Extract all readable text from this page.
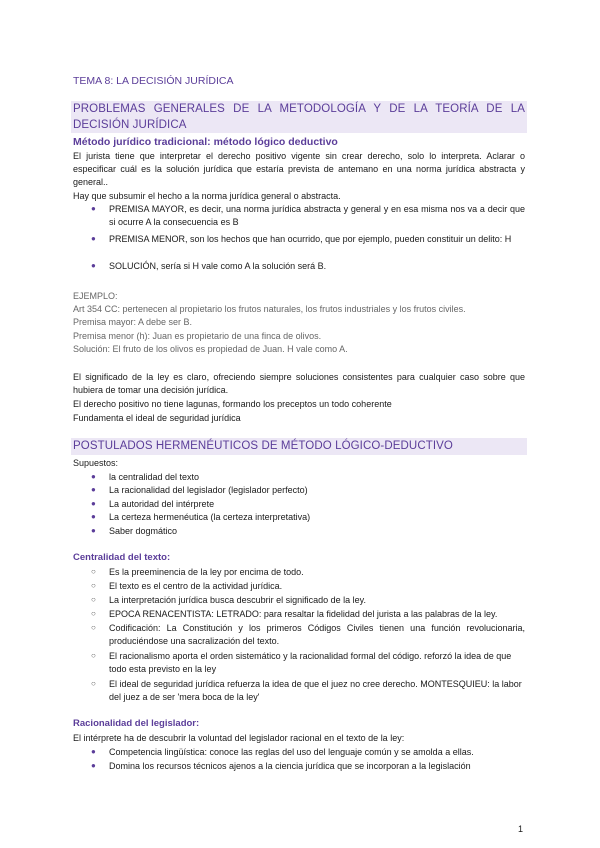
TEMA 8: LA DECISIÓN JURÍDICA
PROBLEMAS GENERALES DE LA METODOLOGÍA Y DE LA TEORÍA DE LA DECISIÓN JURÍDICA
Método jurídico tradicional: método lógico deductivo
El jurista tiene que interpretar el derecho positivo vigente sin crear derecho, solo lo interpreta. Aclarar o especificar cuál es la solución jurídica que estaría prevista de antemano en una norma jurídica abstracta y general..
Hay que subsumir el hecho a la norma jurídica general o abstracta.
● PREMISA MAYOR, es decir, una norma jurídica abstracta y general y en esa misma nos va a decir que si ocurre A la consecuencia es B
● PREMISA MENOR, son los hechos que han ocurrido, que por ejemplo, pueden constituir un delito: H
● SOLUCIÓN, sería si H vale como A la solución será B.
EJEMPLO:
Art 354 CC: pertenecen al propietario los frutos naturales, los frutos industriales y los frutos civiles.
Premisa mayor: A debe ser B.
Premisa menor (h): Juan es propietario de una finca de olivos.
Solución: El fruto de los olivos es propiedad de Juan. H vale como A.
El significado de la ley es claro, ofreciendo siempre soluciones consistentes para cualquier caso sobre que hubiera de tomar una decisión jurídica.
El derecho positivo no tiene lagunas, formando los preceptos un todo coherente
Fundamenta el ideal de seguridad jurídica
POSTULADOS HERMENÉUTICOS DE MÉTODO LÓGICO-DEDUCTIVO
Supuestos:
● la centralidad del texto
● La racionalidad del legislador (legislador perfecto)
● La autoridad del intérprete
● La certeza hermenéutica (la certeza interpretativa)
● Saber dogmático
Centralidad del texto:
○ Es la preeminencia de la ley por encima de todo.
○ El texto es el centro de la actividad jurídica.
○ La interpretación jurídica busca descubrir el significado de la ley.
○ EPOCA RENACENTISTA: LETRADO: para resaltar la fidelidad del jurista a las palabras de la ley.
○ Codificación: La Constitución y los primeros Códigos Civiles tienen una función revolucionaria, produciéndose una sacralización del texto.
○ El racionalismo aporta el orden sistemático y la racionalidad formal del código. reforzó la idea de que todo esta previsto en la ley
○ El ideal de seguridad jurídica refuerza la idea de que el juez no cree derecho. MONTESQUIEU: la labor del juez a de ser 'mera boca de la ley'
Racionalidad del legislador:
El intérprete ha de descubrir la voluntad del legislador racional en el texto de la ley:
● Competencia lingüística: conoce las reglas del uso del lenguaje común y se amolda a ellas.
● Domina los recursos técnicos ajenos a la ciencia jurídica que se incorporan a la legislación
1
